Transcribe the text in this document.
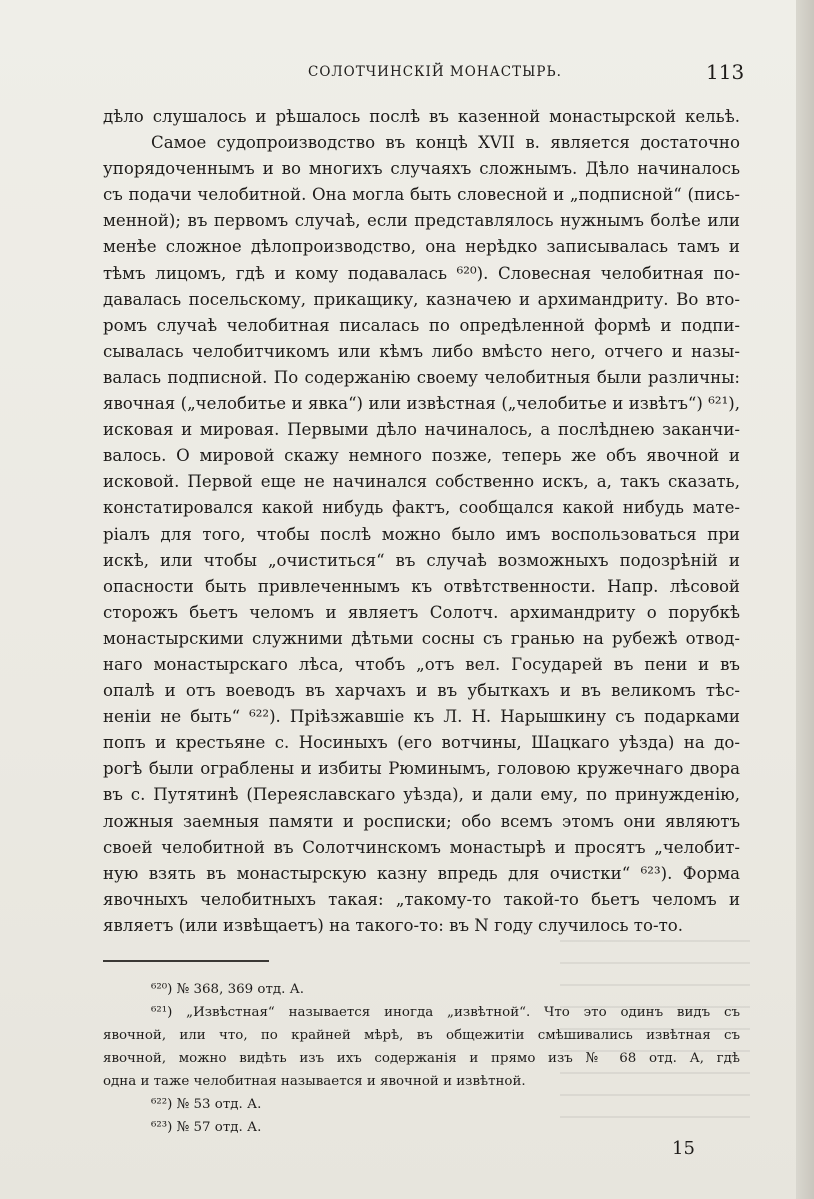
СОЛОТЧИНСКІЙ МОНАСТЫРЬ.	113
дѣло слушалось и рѣшалось послѣ въ казенной монастырской кельѣ.
Самое судопроизводство въ концѣ XVII в. является достаточно
упорядоченнымъ и во многихъ случаяхъ сложнымъ. Дѣло начиналось
съ подачи челобитной. Она могла быть словесной и „подписной“ (пись-
менной); въ первомъ случаѣ, если представлялось нужнымъ болѣе или
менѣе сложное дѣлопроизводство, она нерѣдко записывалась тамъ и
тѣмъ лицомъ, гдѣ и кому подавалась ⁶²⁰). Словесная челобитная по-
давалась посельскому, прикащику, казначею и архимандриту. Во вто-
ромъ случаѣ челобитная писалась по опредѣленной формѣ и подпи-
сывалась челобитчикомъ или кѣмъ либо вмѣсто него, отчего и назы-
валась подписной. По содержанію своему челобитныя были различны:
явочная („челобитье и явка“) или извѣстная („челобитье и извѣтъ“) ⁶²¹),
исковая и мировая. Первыми дѣло начиналось, а послѣднею заканчи-
валось. О мировой скажу немного позже, теперь же объ явочной и
исковой. Первой еще не начинался собственно искъ, а, такъ сказать,
констатировался какой нибудь фактъ, сообщался какой нибудь мате-
ріалъ для того, чтобы послѣ можно было имъ воспользоваться при
искѣ, или чтобы „очиститься“ въ случаѣ возможныхъ подозрѣній и
опасности быть привлеченнымъ къ отвѣтственности. Напр. лѣсовой
сторожъ бьетъ челомъ и являетъ Солотч. архимандриту о порубкѣ
монастырскими служними дѣтьми сосны съ гранью на рубежѣ отвод-
наго монастырскаго лѣса, чтобъ „отъ вел. Государей въ пени и въ
опалѣ и отъ воеводъ въ харчахъ и въ убыткахъ и въ великомъ тѣс-
неніи не быть“ ⁶²²). Пріѣзжавшіе къ Л. Н. Нарышкину съ подарками
попъ и крестьяне с. Носиныхъ (его вотчины, Шацкаго уѣзда) на до-
рогѣ были ограблены и избиты Рюминымъ, головою кружечнаго двора
въ с. Путятинѣ (Переяславскаго уѣзда), и дали ему, по принужденію,
ложныя заемныя памяти и росписки; обо всемъ этомъ они являютъ
своей челобитной въ Солотчинскомъ монастырѣ и просятъ „челобит-
ную взять въ монастырскую казну впредь для очистки“ ⁶²³). Форма
явочныхъ челобитныхъ такая: „такому-то такой-то бьетъ челомъ и
являетъ (или извѣщаетъ) на такого-то: въ N году случилось то-то.
⁶²⁰) № 368, 369 отд. А.
⁶²¹) „Извѣстная“ называется иногда „извѣтной“. Что это одинъ видъ съ
явочной, или что, по крайней мѣрѣ, въ общежитіи смѣшивались извѣтная съ
явочной, можно видѣть изъ ихъ содержанія и прямо изъ № 68 отд. А, гдѣ
одна и таже челобитная называется и явочной и извѣтной.
⁶²²) № 53 отд. А.
⁶²³) № 57 отд. А.
15
